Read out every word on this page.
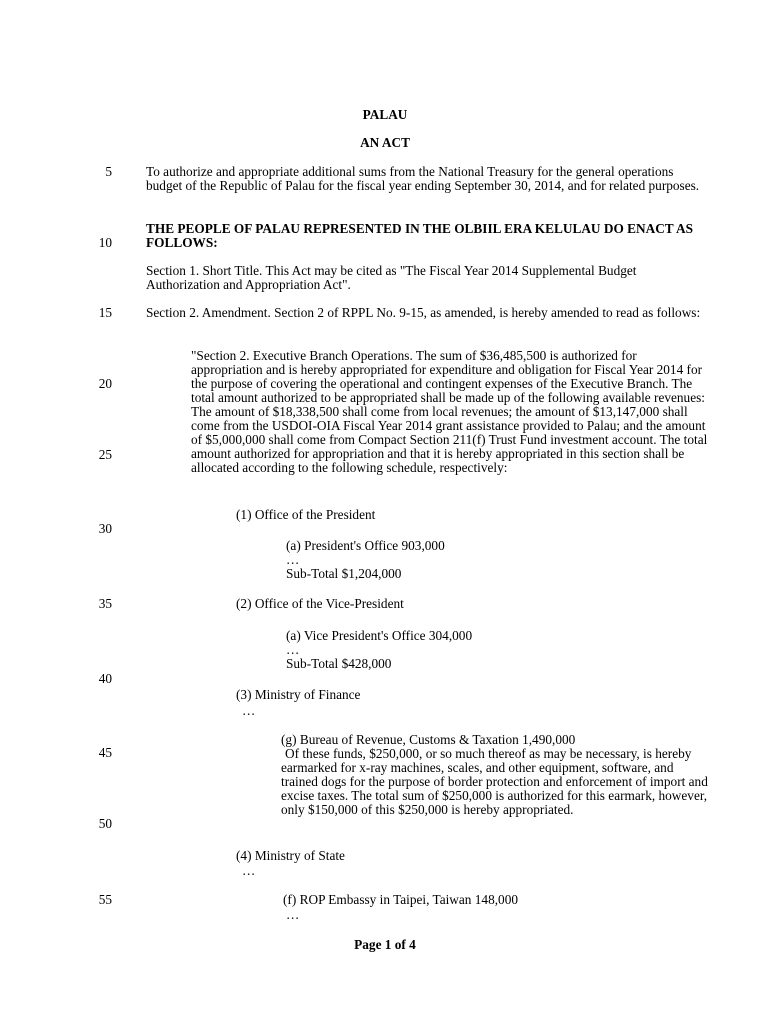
PALAU
AN ACT
5
10
15
20
25
30
35
40
45
50
55

To authorize and appropriate additional sums from the National Treasury for the general operations budget of the Republic of Palau for the fiscal year ending September 30, 2014, and for related purposes.

THE PEOPLE OF PALAU REPRESENTED IN THE OLBIIL ERA KELULAU DO ENACT AS FOLLOWS:

Section 1. Short Title. This Act may be cited as "The Fiscal Year 2014 Supplemental Budget Authorization and Appropriation Act".

Section 2. Amendment. Section 2 of RPPL No. 9-15, as amended, is hereby amended to read as follows:

"Section 2. Executive Branch Operations. The sum of $36,485,500 is authorized for appropriation and is hereby appropriated for expenditure and obligation for Fiscal Year 2014 for the purpose of covering the operational and contingent expenses of the Executive Branch. The total amount authorized to be appropriated shall be made up of the following available revenues: The amount of $18,338,500 shall come from local revenues; the amount of $13,147,000 shall come from the USDOI-OIA Fiscal Year 2014 grant assistance provided to Palau; and the amount of $5,000,000 shall come from Compact Section 211(f) Trust Fund investment account. The total amount authorized for appropriation and that it is hereby appropriated in this section shall be allocated according to the following schedule, respectively:

(1) Office of the President
(a) President's Office 903,000
…
Sub-Total $1,204,000
(2) Office of the Vice-President
(a) Vice President's Office 304,000
…
Sub-Total $428,000
(3) Ministry of Finance
…
(g) Bureau of Revenue, Customs & Taxation 1,490,000

Of these funds, $250,000, or so much thereof as may be necessary, is hereby earmarked for x-ray machines, scales, and other equipment, software, and trained dogs for the purpose of border protection and enforcement of import and excise taxes. The total sum of $250,000 is authorized for this earmark, however, only $150,000 of this $250,000 is hereby appropriated.

(4) Ministry of State
…
(f) ROP Embassy in Taipei, Taiwan 148,000
…
Page 1 of 4
